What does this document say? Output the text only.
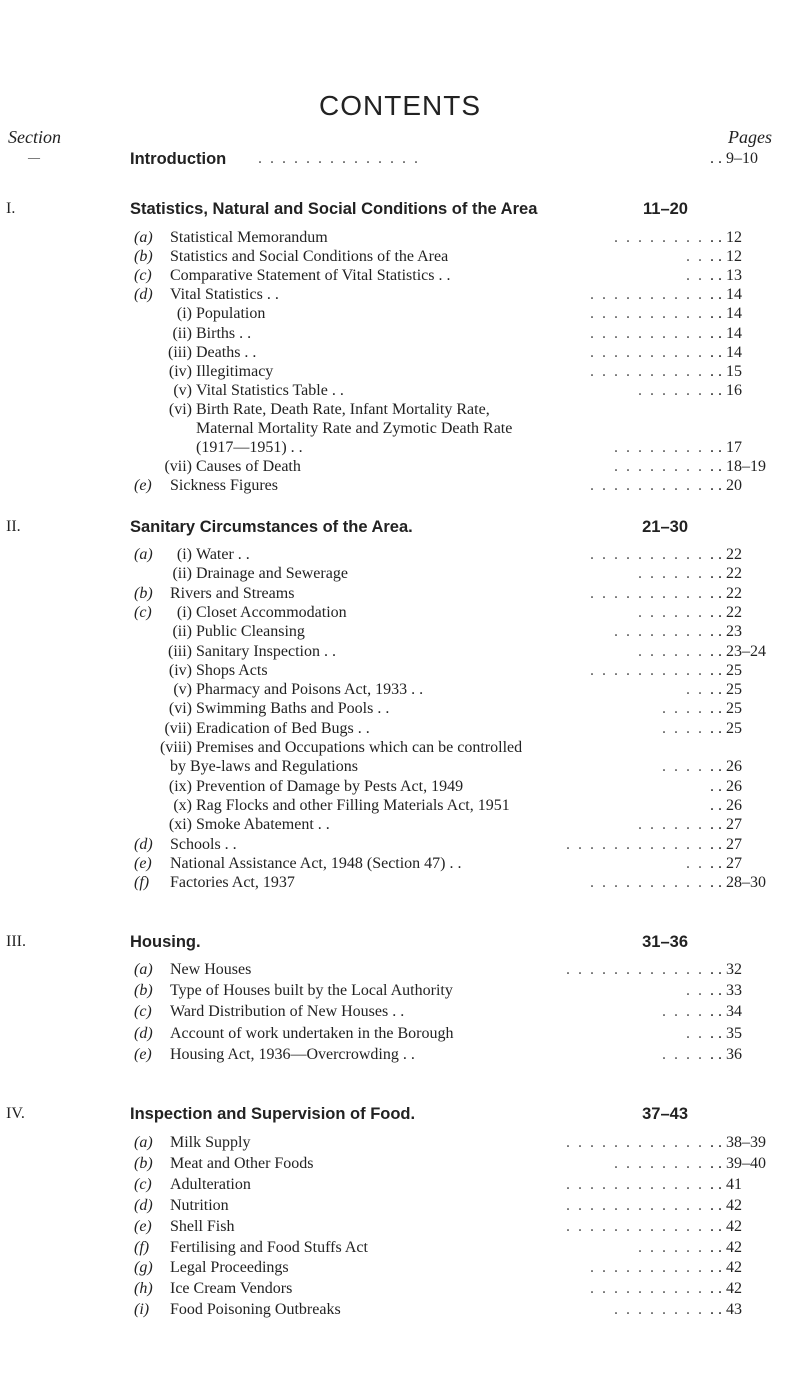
CONTENTS
Section	Pages
—	Introduction . . . . . . . . . . . . . .	. . 9–10
I.	Statistics, Natural and Social Conditions of the Area	11–20
(a) Statistical Memorandum	. . . . . . . . . . 12
(b) Statistics and Social Conditions of the Area	. . . . 12
(c) Comparative Statement of Vital Statistics . .	. . . . 13
(d) Vital Statistics . .	. . . . . . . . . . . . 14
(i) Population	. . . . . . . . . . . . 14
(ii) Births . .	. . . . . . . . . . . . 14
(iii) Deaths . .	. . . . . . . . . . . . 14
(iv) Illegitimacy	. . . . . . . . . . . . 15
(v) Vital Statistics Table . .	. . . . . . . . 16
(vi) Birth Rate, Death Rate, Infant Mortality Rate,
Maternal Mortality Rate and Zymotic Death Rate
(1917—1951) . .	. . . . . . . . . . 17
(vii) Causes of Death	. . . . . . . . . . 18–19
(e) Sickness Figures	. . . . . . . . . . . . 20
II.	Sanitary Circumstances of the Area.	21–30
(a) (i) Water . .	. . . . . . . . . . . . 22
(ii) Drainage and Sewerage	. . . . . . . . 22
(b) Rivers and Streams	. . . . . . . . . . . . 22
(c) (i) Closet Accommodation	. . . . . . . . 22
(ii) Public Cleansing	. . . . . . . . . . 23
(iii) Sanitary Inspection . .	. . . . . . . . 23–24
(iv) Shops Acts	. . . . . . . . . . . . 25
(v) Pharmacy and Poisons Act, 1933 . .	. . . . 25
(vi) Swimming Baths and Pools . .	. . . . . . 25
(vii) Eradication of Bed Bugs . .	. . . . . . 25
(viii) Premises and Occupations which can be controlled
by Bye-laws and Regulations	. . . . . . 26
(ix) Prevention of Damage by Pests Act, 1949	. . 26
(x) Rag Flocks and other Filling Materials Act, 1951	. . 26
(xi) Smoke Abatement . .	. . . . . . . . 27
(d) Schools . .	. . . . . . . . . . . . . . 27
(e) National Assistance Act, 1948 (Section 47) . .	. . . . 27
(f) Factories Act, 1937	. . . . . . . . . . . . 28–30
III.	Housing.	31–36
(a) New Houses	. . . . . . . . . . . . . . 32
(b) Type of Houses built by the Local Authority	. . . . 33
(c) Ward Distribution of New Houses . .	. . . . . . 34
(d) Account of work undertaken in the Borough	. . . . 35
(e) Housing Act, 1936—Overcrowding . .	. . . . . . 36
IV.	Inspection and Supervision of Food.	37–43
(a) Milk Supply	. . . . . . . . . . . . . . 38–39
(b) Meat and Other Foods	. . . . . . . . . . 39–40
(c) Adulteration	. . . . . . . . . . . . . . 41
(d) Nutrition	. . . . . . . . . . . . . . 42
(e) Shell Fish	. . . . . . . . . . . . . . 42
(f) Fertilising and Food Stuffs Act	. . . . . . . . 42
(g) Legal Proceedings	. . . . . . . . . . . . 42
(h) Ice Cream Vendors	. . . . . . . . . . . . 42
(i) Food Poisoning Outbreaks	. . . . . . . . . . 43
